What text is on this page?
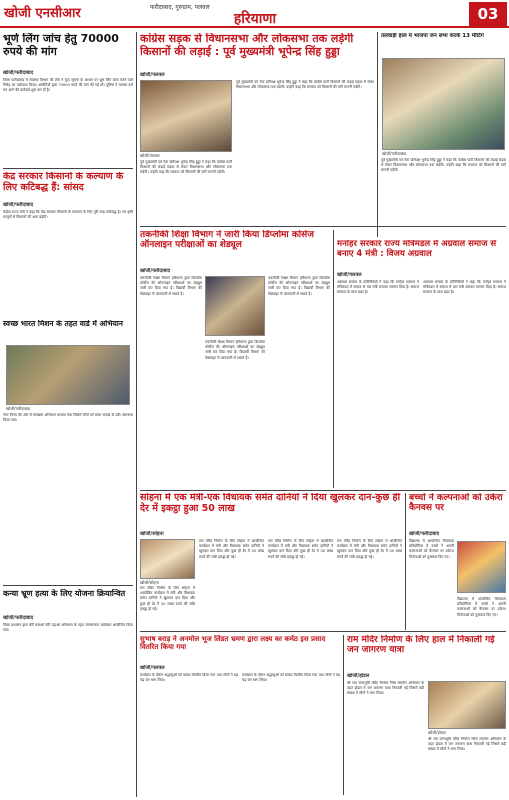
खोजी एनसीआर	फरीदाबाद, गुरुग्राम, पलवल
हरियाणा	03
भूर्ण लिंग जांच हेतु 70000 रुपये की मांग
खोजी/फरीदाबाद
जिला फरीदाबाद में स्वास्थ्य विभाग की टीम ने गुप्त सूचना के आधार पर भ्रूण लिंग जांच करने वाले गिरोह का पर्दाफाश किया। आरोपियों द्वारा 70000 रुपये की मांग की गई थी। पुलिस ने मामला दर्ज कर आगे की कार्रवाई शुरू कर दी है।
केंद्र सरकार किसानों के कल्याण के लिए कटिबद्ध हैं: सांसद
खोजी/फरीदाबाद
केंद्रीय राज्य मंत्री ने कहा कि केंद्र सरकार किसानों के कल्याण के लिए पूरी तरह कटिबद्ध है। नए कृषि कानूनों से किसानों की आय बढ़ेगी।
स्वच्छ भारत मिशन के तहत वार्ड में अभियान
खोजी/फरीदाबाद
नगर निगम की ओर से स्वच्छता अभियान चलाया गया जिसमें लोगों को साफ सफाई के प्रति जागरूक किया गया।
कन्या भ्रूण हत्या के लिए योजना क्रियान्वित
खोजी/फरीदाबाद
जिला प्रशासन द्वारा बेटी बचाओ बेटी पढ़ाओ अभियान के तहत जागरूकता कार्यक्रम आयोजित किया गया।
कांग्रेस सड़क से विधानसभा और लोकसभा तक लड़ेगी किसानों की लड़ाई : पूर्व मुख्यमंत्री भूपेन्द्र सिंह हुड्डा
खोजी/पलवल
खोजी/पलवल
पूर्व मुख्यमंत्री एवं नेता प्रतिपक्ष भूपेन्द्र सिंह हुड्डा ने कहा कि कांग्रेस पार्टी किसानों की लड़ाई सड़क से लेकर विधानसभा और लोकसभा तक लड़ेगी। उन्होंने कहा कि सरकार को किसानों की मांगें माननी पड़ेंगी।
पूर्व मुख्यमंत्री एवं नेता प्रतिपक्ष भूपेन्द्र सिंह हुड्डा ने कहा कि कांग्रेस पार्टी किसानों की लड़ाई सड़क से लेकर विधानसभा और लोकसभा तक लड़ेगी। उन्होंने कहा कि सरकार को किसानों की मांगें माननी पड़ेंगी।
तलवाड़ी हाल में भाजपा जन सभा करके 13 मीटिंग
खोजी/फरीदाबाद
पूर्व मुख्यमंत्री एवं नेता प्रतिपक्ष भूपेन्द्र सिंह हुड्डा ने कहा कि कांग्रेस पार्टी किसानों की लड़ाई सड़क से लेकर विधानसभा और लोकसभा तक लड़ेगी। उन्होंने कहा कि सरकार को किसानों की मांगें माननी पड़ेंगी।
तकनीकी शिक्षा विभाग ने जारी किया डिप्लोमा कोर्सेज ऑनलाइन परीक्षाओं का शेड्यूल
खोजी/फरीदाबाद
तकनीकी शिक्षा विभाग हरियाणा द्वारा डिप्लोमा कोर्सेज की ऑनलाइन परीक्षाओं का शेड्यूल जारी कर दिया गया है। विद्यार्थी विभाग की वेबसाइट से जानकारी ले सकते हैं।
तकनीकी शिक्षा विभाग हरियाणा द्वारा डिप्लोमा कोर्सेज की ऑनलाइन परीक्षाओं का शेड्यूल जारी कर दिया गया है। विद्यार्थी विभाग की वेबसाइट से जानकारी ले सकते हैं।
तकनीकी शिक्षा विभाग हरियाणा द्वारा डिप्लोमा कोर्सेज की ऑनलाइन परीक्षाओं का शेड्यूल जारी कर दिया गया है। विद्यार्थी विभाग की वेबसाइट से जानकारी ले सकते हैं।
मनोहर सरकार राज्य मंत्रिमंडल में अग्रवाल समाज से बनाए 4 मंत्री : विजय अग्रवाल
खोजी/पलवल
अग्रवाल समाज के प्रतिनिधियों ने कहा कि मनोहर सरकार ने मंत्रिमंडल में समाज से चार मंत्री बनाकर सम्मान दिया है। समाज सरकार के साथ खड़ा है।
अग्रवाल समाज के प्रतिनिधियों ने कहा कि मनोहर सरकार ने मंत्रिमंडल में समाज से चार मंत्री बनाकर सम्मान दिया है। समाज सरकार के साथ खड़ा है।
सोहना में एक मंत्री-एक विधायक समेत दानियों ने दिया खुलकर दान-कुछ ही देर में इकट्ठा हुआ 50 लाख
खोजी/सोहना
खोजी/सोहना
राम मंदिर निर्माण के लिए सोहना में आयोजित कार्यक्रम में मंत्री और विधायक समेत दानियों ने खुलकर दान दिया और कुछ ही देर में 50 लाख रुपये की राशि इकट्ठा हो गई।
राम मंदिर निर्माण के लिए सोहना में आयोजित कार्यक्रम में मंत्री और विधायक समेत दानियों ने खुलकर दान दिया और कुछ ही देर में 50 लाख रुपये की राशि इकट्ठा हो गई।
राम मंदिर निर्माण के लिए सोहना में आयोजित कार्यक्रम में मंत्री और विधायक समेत दानियों ने खुलकर दान दिया और कुछ ही देर में 50 लाख रुपये की राशि इकट्ठा हो गई।
राम मंदिर निर्माण के लिए सोहना में आयोजित कार्यक्रम में मंत्री और विधायक समेत दानियों ने खुलकर दान दिया और कुछ ही देर में 50 लाख रुपये की राशि इकट्ठा हो गई।
बच्चों ने कल्पनाओं को उकेरा कैनवस पर
खोजी/फरीदाबाद
विद्यालय में आयोजित चित्रकला प्रतियोगिता में बच्चों ने अपनी कल्पनाओं को कैनवस पर उकेरा। विजेताओं को पुरस्कार दिए गए।
विद्यालय में आयोजित चित्रकला प्रतियोगिता में बच्चों ने अपनी कल्पनाओं को कैनवस पर उकेरा। विजेताओं को पुरस्कार दिए गए।
सुभाष बराड़ ने अनमोल भूज लिंडत भ्रमण द्वारा लक्ष्य का कर्मठ इस प्रसाद वितरित किया गया
खोजी/पलवल
कार्यक्रम के दौरान श्रद्धालुओं को प्रसाद वितरित किया गया तथा लोगों ने बढ़ चढ़ कर भाग लिया।
कार्यक्रम के दौरान श्रद्धालुओं को प्रसाद वितरित किया गया तथा लोगों ने बढ़ चढ़ कर भाग लिया।
राम मंदिर निर्माण के लिए हाल में निकाली गई जन जागरण यात्रा
खोजी/होडल
श्री राम जन्मभूमि मंदिर निर्माण निधि समर्पण अभियान के तहत होडल में जन जागरण यात्रा निकाली गई जिसमें बड़ी संख्या में लोगों ने भाग लिया।
खोजी/होडल
श्री राम जन्मभूमि मंदिर निर्माण निधि समर्पण अभियान के तहत होडल में जन जागरण यात्रा निकाली गई जिसमें बड़ी संख्या में लोगों ने भाग लिया।
